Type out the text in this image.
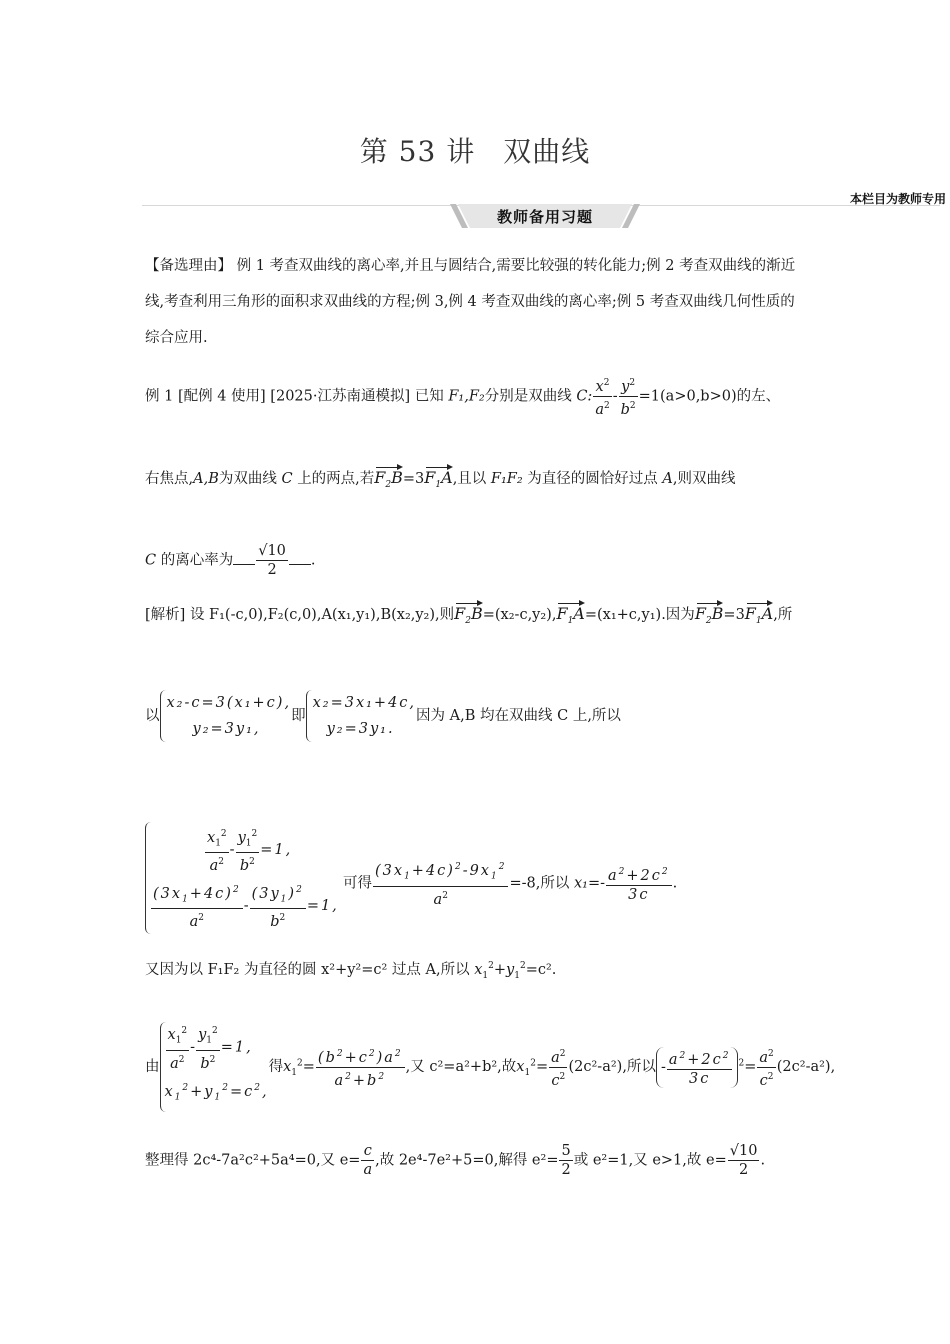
第 53 讲 双曲线
本栏目为教师专用
教师备用习题
【备选理由】 例 1 考查双曲线的离心率,并且与圆结合,需要比较强的转化能力;例 2 考查双曲线的渐近线,考查利用三角形的面积求双曲线的方程;例 3,例 4 考查双曲线的离心率;例 5 考查双曲线几何性质的综合应用.
例 1 [配例 4 使用] [2025·江苏南通模拟] 已知 F₁,F₂分别是双曲线 C: $\frac{x^2}{a^2} - \frac{y^2}{b^2} =1(a>0,b>0)$的左、
右焦点,A,B为双曲线 C 上的两点,若$F_2B=3F_1A$,且以 F₁F₂ 为直径的圆恰好过点 A,则双曲线
C 的离心率为 $\frac{√10}{2}$ .
[解析] 设 F₁(-c,0),F₂(c,0),A(x₁,y₁),B(x₂,y₂),则$F_2B=(x_2-c,y_2),F_1A=(x_1+c,y_1)$.因为$F_2B=3F_1A$,所
以
x₂-c=3(x₁+c),
y₂=3y₁,
即
x₂=3x₁+4c,
y₂=3y₁.
因为 A,B 均在双曲线 C 上,所以
$\frac{x_1^2}{a^2} - \frac{y_1^2}{b^2} =1$,
$\frac{(3x_1+4c)^2}{a^2} - \frac{(3y_1)^2}{b^2} =1$,
可得 $\frac{(3x_1+4c)^2-9x_1^2}{a^2} =-8$,所以 $x_1=- \frac{a^2+2c^2}{3c}$ .
又因为以 F₁F₂ 为直径的圆 x²+y²=c² 过点 A,所以 $x_1^2+y_1^2=c^2$.
由 $\frac{x_1^2}{a^2} - \frac{y_1^2}{b^2} =1$,
$x_1^2+y_1^2=c^2$,
得$x_1^2= \frac{(b^2+c^2)a^2}{a^2+b^2}$ ,又 c²=a²+b²,故$x_1^2= \frac{a^2}{c^2} (2c^2-a^2)$,所以 - $\frac{a^2+2c^2}{3c} ^2= \frac{a^2}{c^2} (2c^2-a^2)$,
整理得 2c⁴-7a²c²+5a⁴=0,又 $e= \frac{c}{a}$ ,故 2e⁴-7e²+5=0,解得 $e^2= \frac{5}{2}$ 或 e²=1,又 e>1,故 $e= \frac{√10}{2}$ .
